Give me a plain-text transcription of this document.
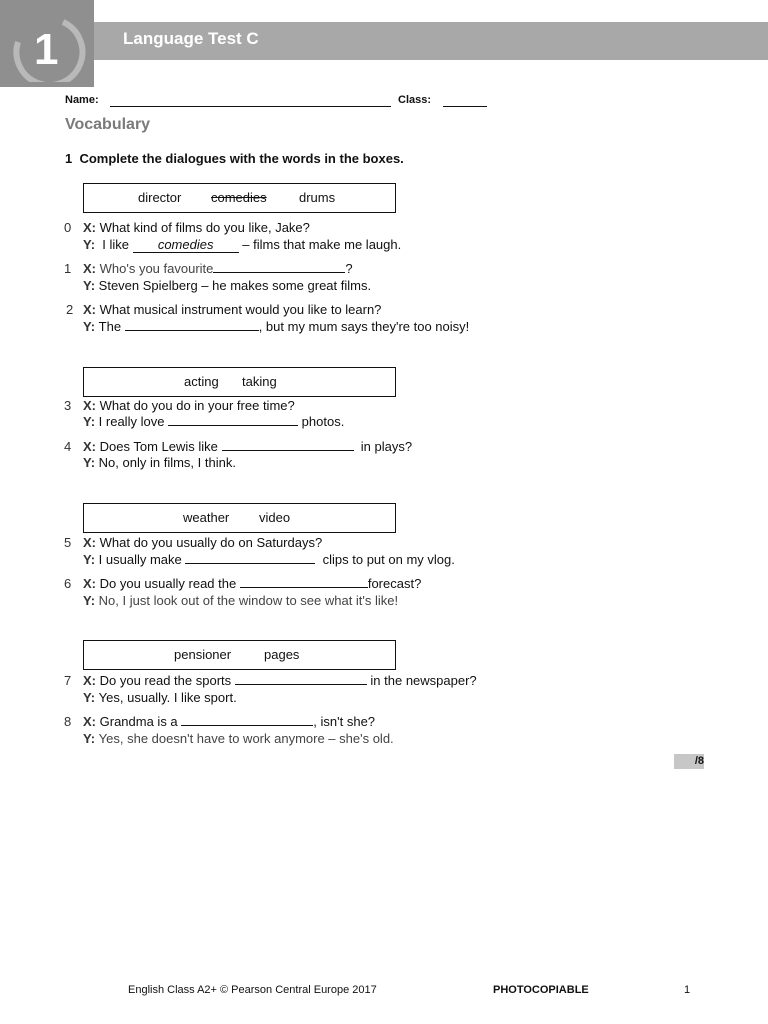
1	Language Test C
Name:	Class:
Vocabulary
1 Complete the dialogues with the words in the boxes.
director comedies drums
0 X: What kind of films do you like, Jake?
Y: I like comedies – films that make me laugh.
1 X: Who's you favourite	?
Y: Steven Spielberg – he makes some great films.
2 X: What musical instrument would you like to learn?
Y: The	, but my mum says they're too noisy!
acting taking
3 X: What do you do in your free time?
Y: I really love	photos.
4 X: Does Tom Lewis like	in plays?
Y: No, only in films, I think.
weather video
5 X: What do you usually do on Saturdays?
Y: I usually make	clips to put on my vlog.
6 X: Do you usually read the	forecast?
Y: No, I just look out of the window to see what it's like!
pensioner	pages
7 X: Do you read the sports	in the newspaper?
Y: Yes, usually. I like sport.
8 X: Grandma is a	, isn't she?
Y: Yes, she doesn't have to work anymore – she's old.
/8
English Class A2+ © Pearson Central Europe 2017	PHOTOCOPIABLE	1
